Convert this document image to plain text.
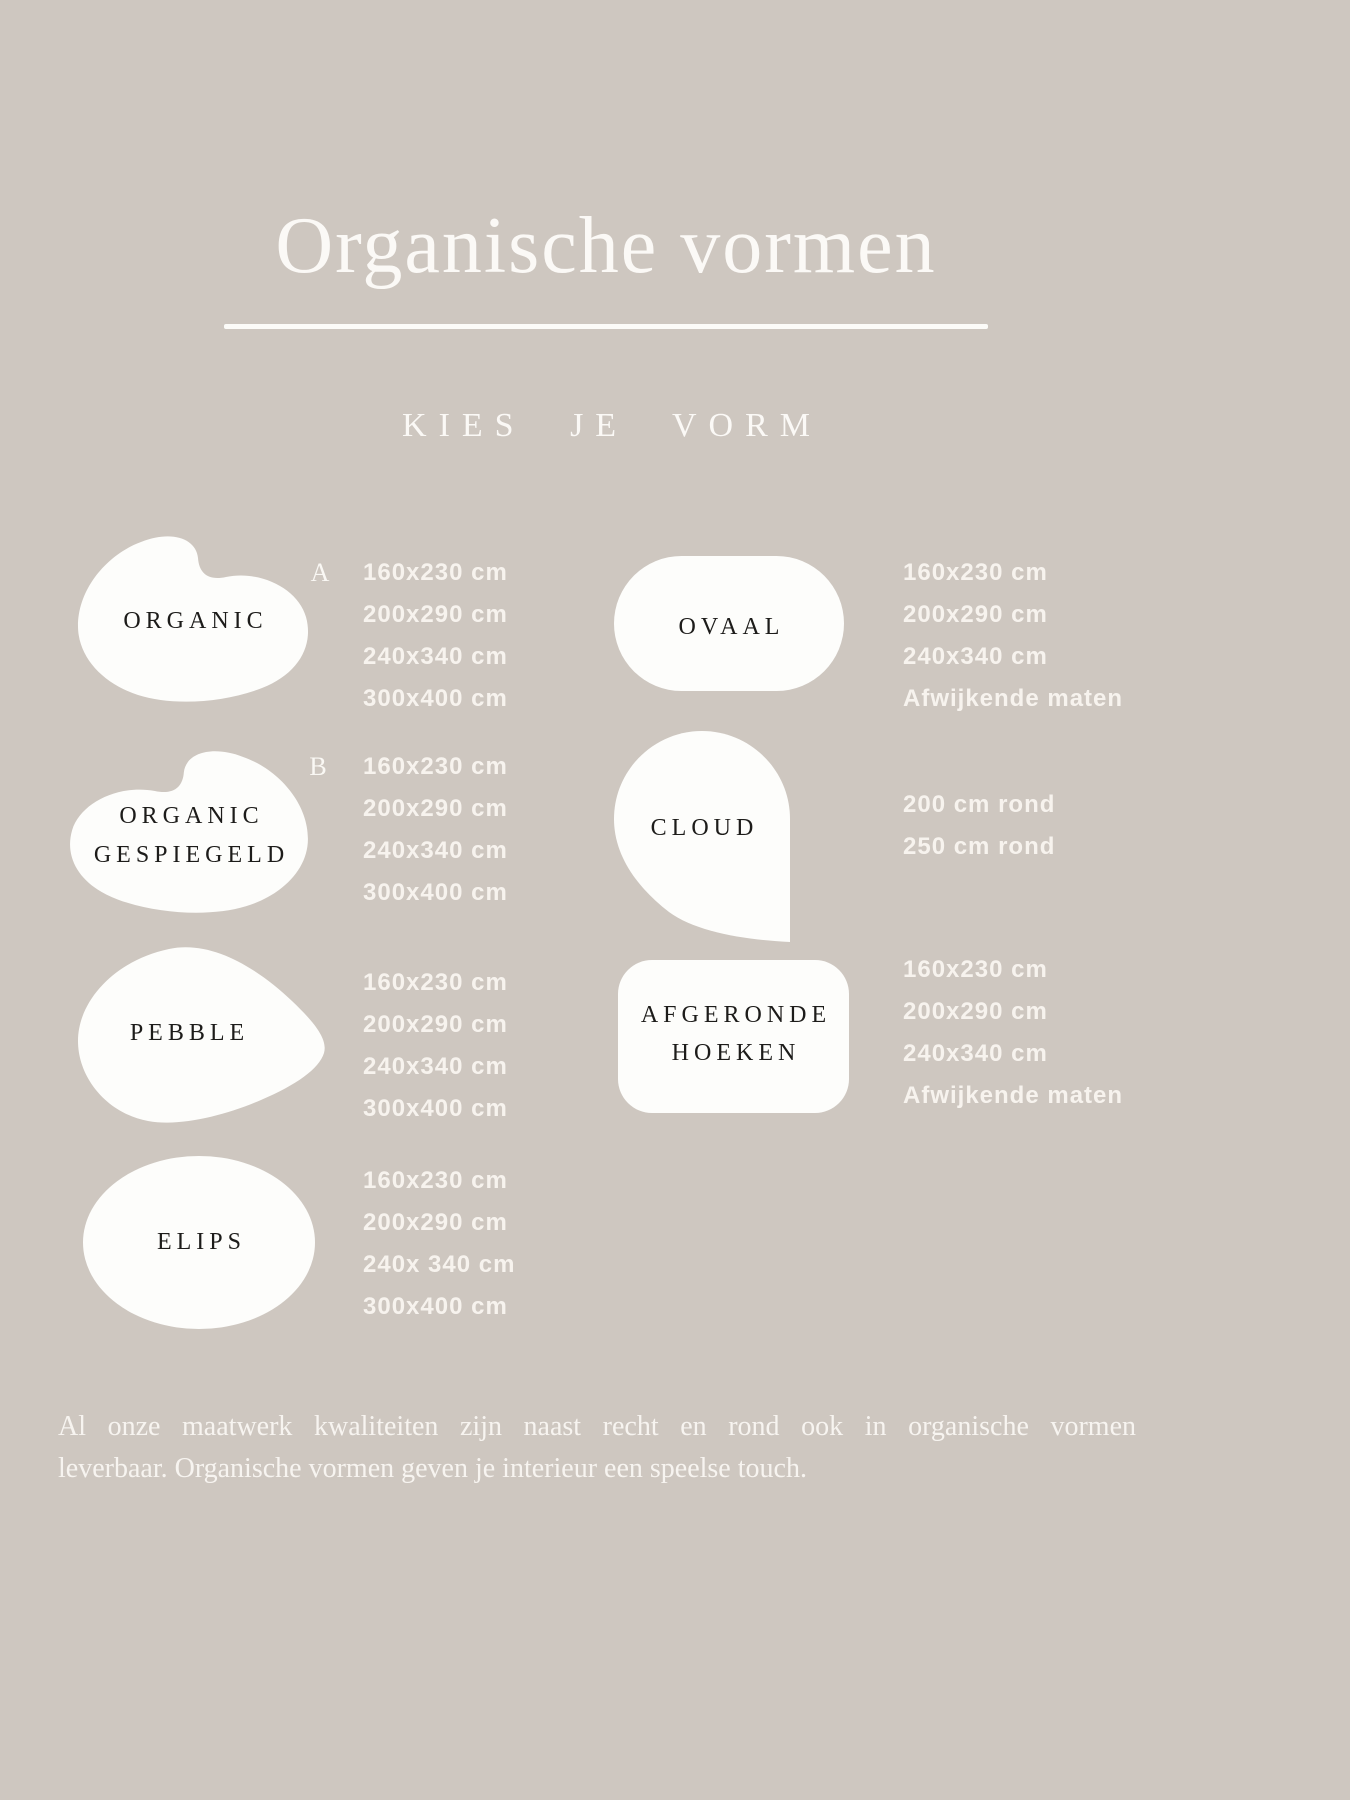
Organische vormen
KIES JE VORM
ORGANIC
A	160x230 cm
200x290 cm
240x340 cm
300x400 cm
OVAAL
160x230 cm
200x290 cm
240x340 cm
Afwijkende maten
ORGANIC
GESPIEGELD
B	160x230 cm
200x290 cm
240x340 cm
300x400 cm
CLOUD
200 cm rond
250 cm rond
PEBBLE
160x230 cm
200x290 cm
240x340 cm
300x400 cm
AFGERONDE
HOEKEN
160x230 cm
200x290 cm
240x340 cm
Afwijkende maten
ELIPS
160x230 cm
200x290 cm
240x 340 cm
300x400 cm

Al onze maatwerk kwaliteiten zijn naast recht en rond ook in organische vormen

leverbaar. Organische vormen geven je interieur een speelse touch.
